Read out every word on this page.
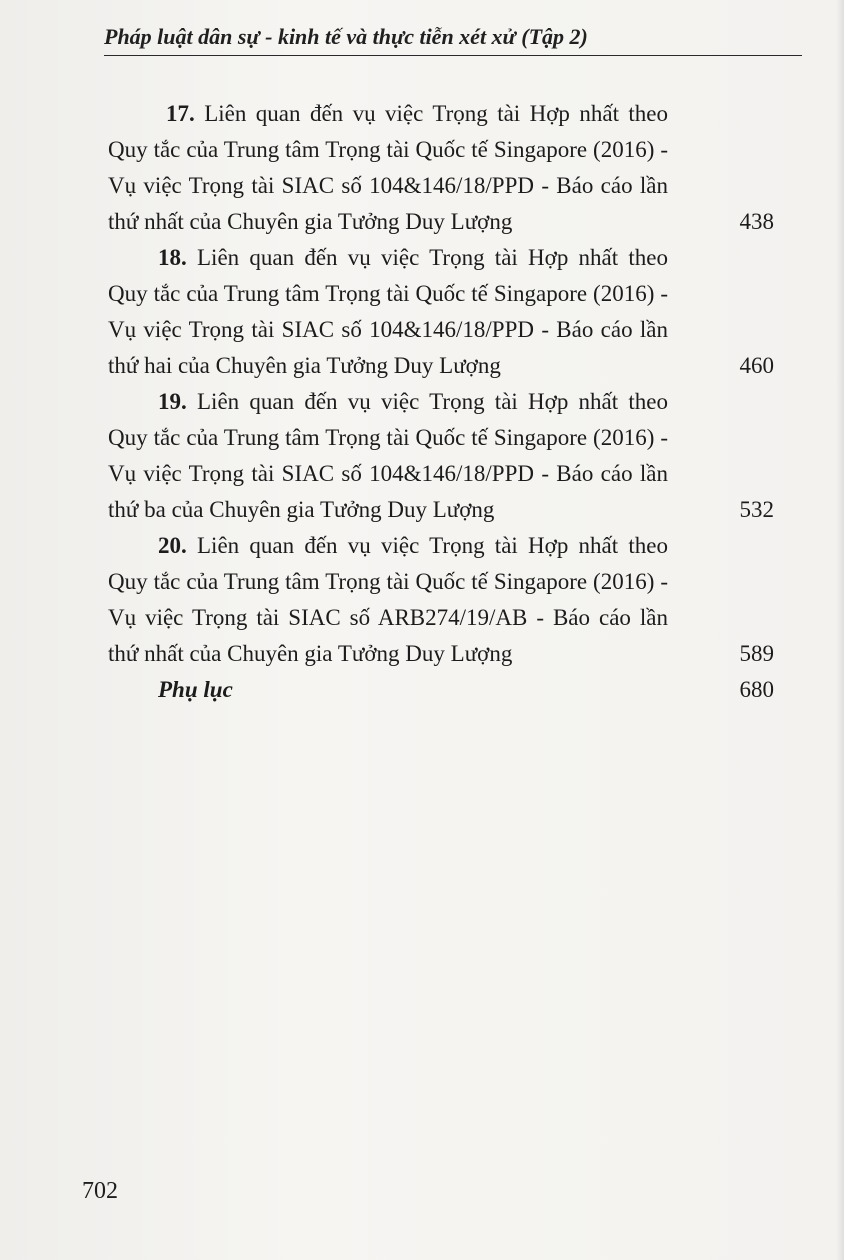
Pháp luật dân sự - kinh tế và thực tiễn xét xử (Tập 2)
17. Liên quan đến vụ việc Trọng tài Hợp nhất theo Quy tắc của Trung tâm Trọng tài Quốc tế Singapore (2016) - Vụ việc Trọng tài SIAC số 104&146/18/PPD - Báo cáo lần thứ nhất của Chuyên gia Tưởng Duy Lượng	438
18. Liên quan đến vụ việc Trọng tài Hợp nhất theo Quy tắc của Trung tâm Trọng tài Quốc tế Singapore (2016) - Vụ việc Trọng tài SIAC số 104&146/18/PPD - Báo cáo lần thứ hai của Chuyên gia Tưởng Duy Lượng	460
19. Liên quan đến vụ việc Trọng tài Hợp nhất theo Quy tắc của Trung tâm Trọng tài Quốc tế Singapore (2016) - Vụ việc Trọng tài SIAC số 104&146/18/PPD - Báo cáo lần thứ ba của Chuyên gia Tưởng Duy Lượng	532
20. Liên quan đến vụ việc Trọng tài Hợp nhất theo Quy tắc của Trung tâm Trọng tài Quốc tế Singapore (2016) - Vụ việc Trọng tài SIAC số ARB274/19/AB - Báo cáo lần thứ nhất của Chuyên gia Tưởng Duy Lượng	589
Phụ lục	680
702
